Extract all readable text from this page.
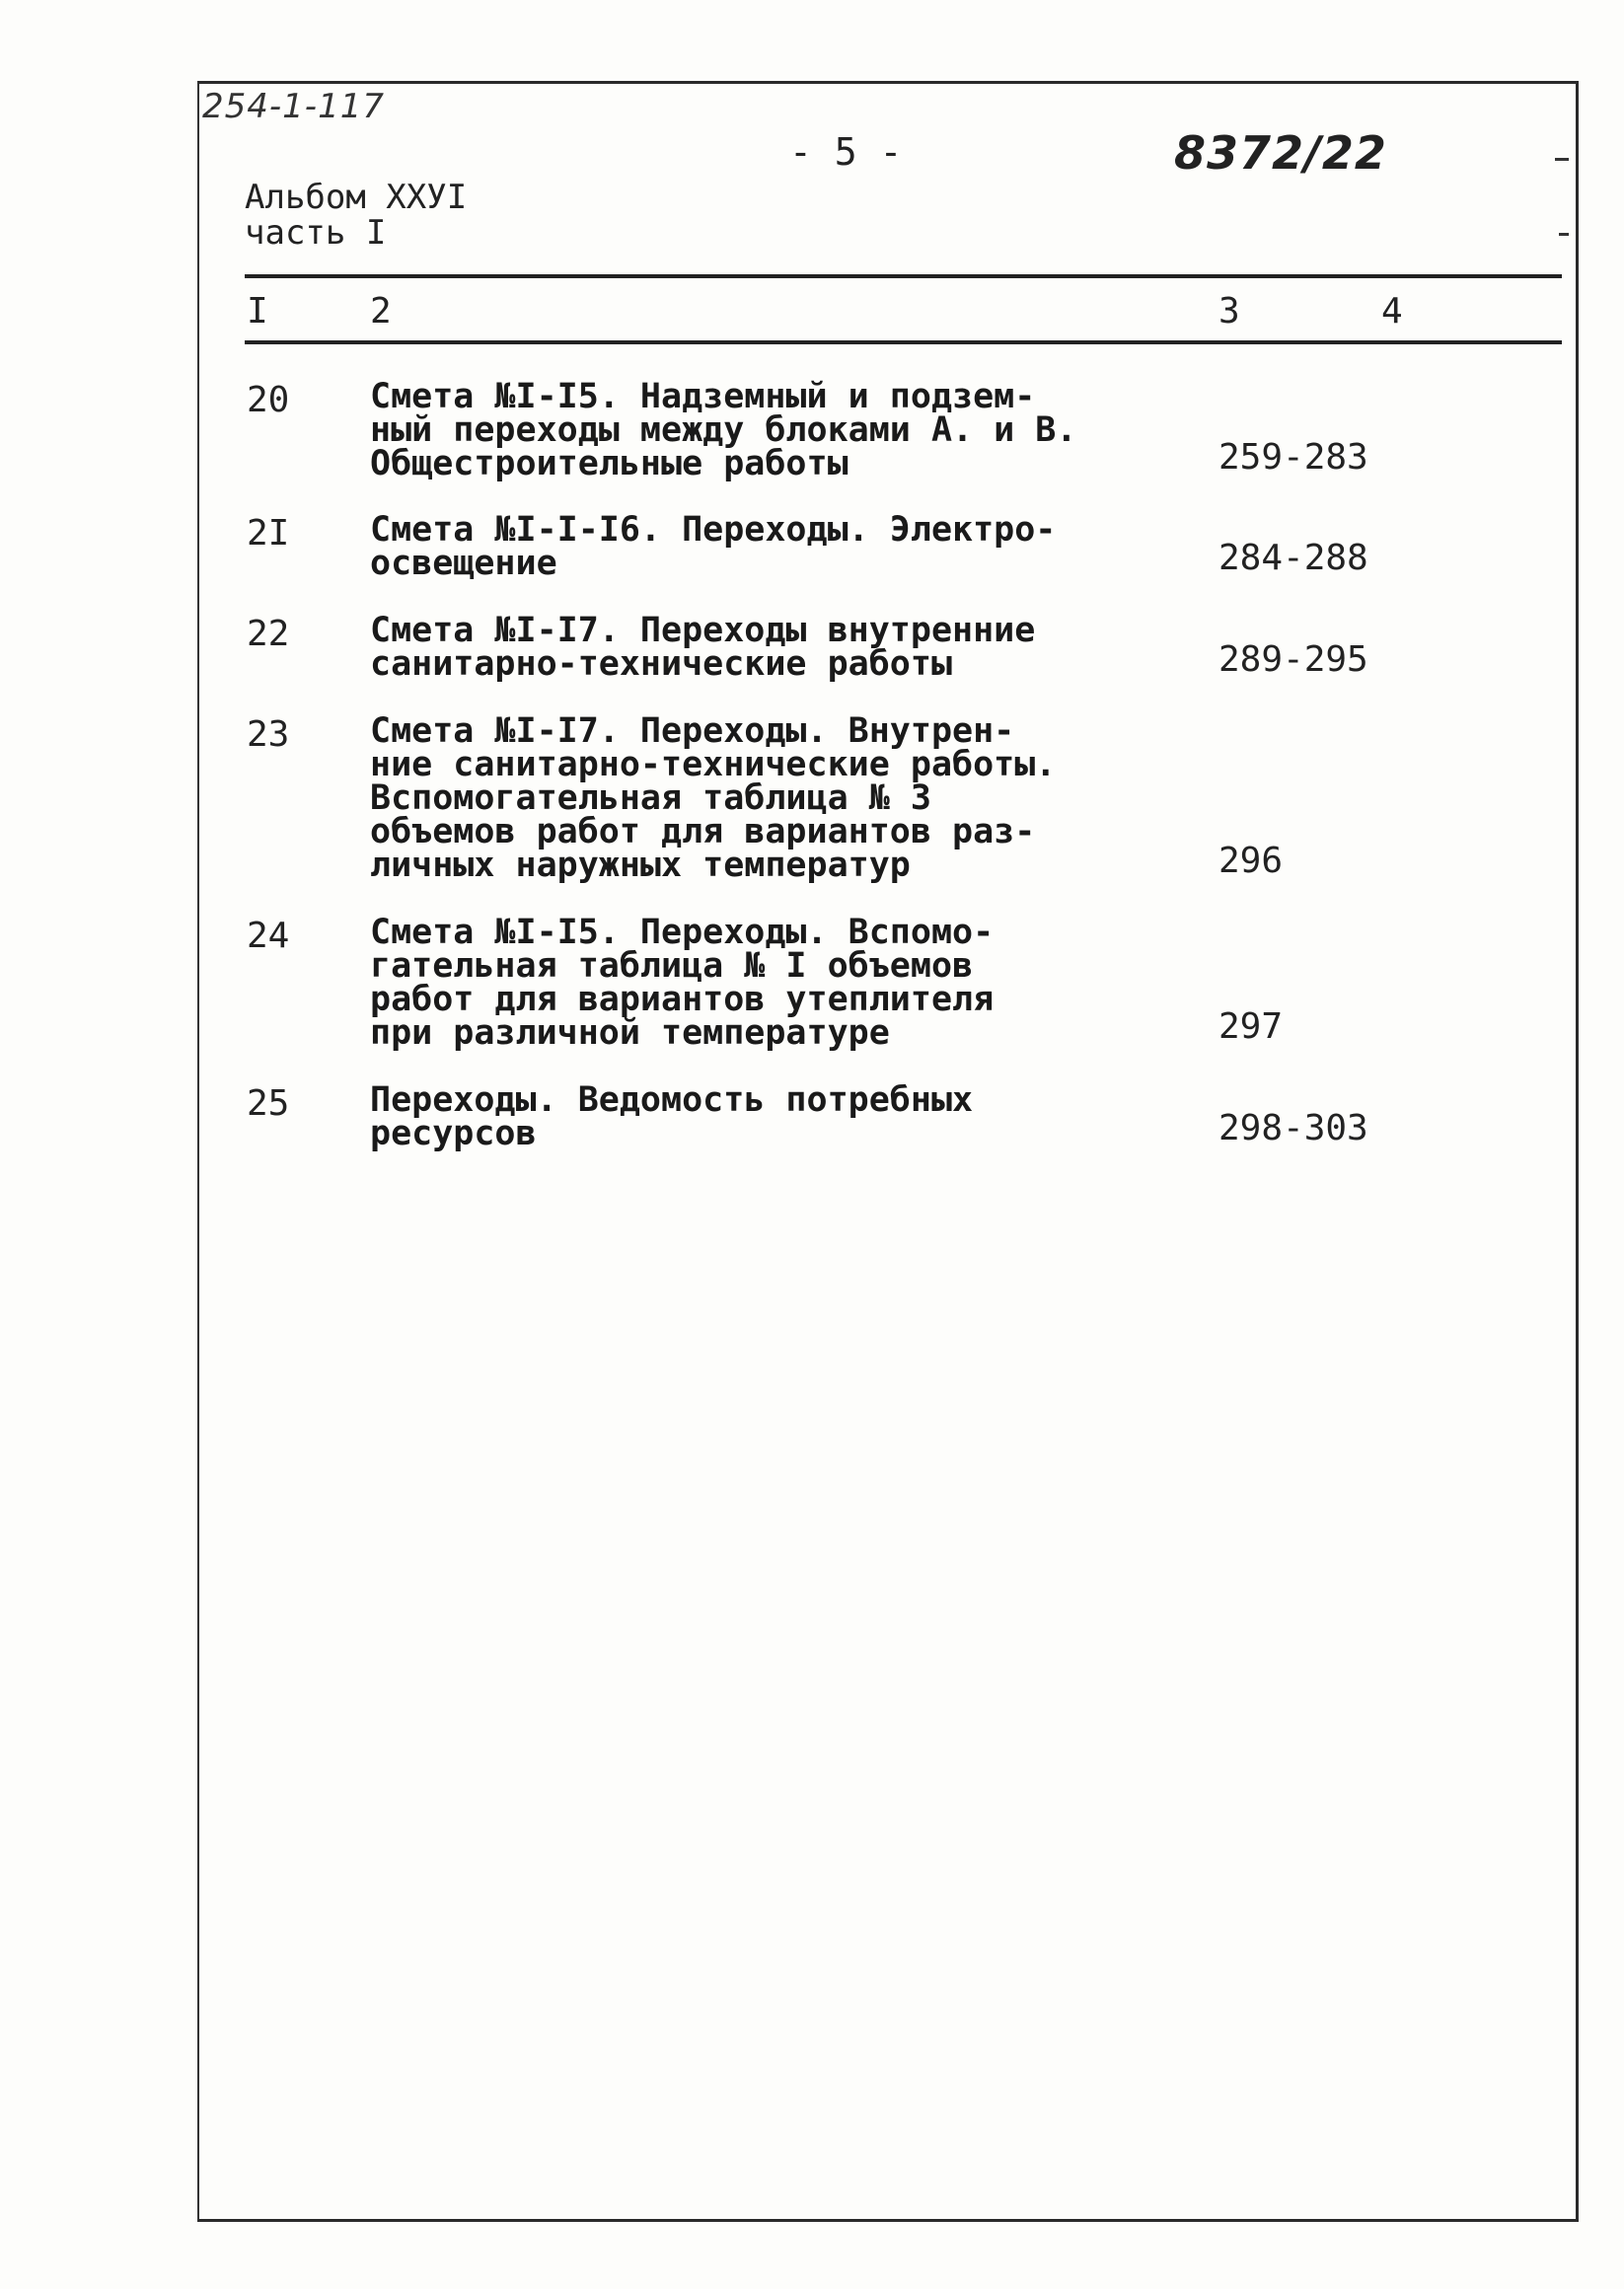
254-1-117
- 5 -	8372/22
Альбом XXУI
часть I
I	2	3	4
20 Смета №I-I5. Надземный и подзем-
ный переходы между блоками А. и В.
Общестроительные работы	259-283
2I Смета №I-I-I6. Переходы. Электро-
освещение	284-288
22 Смета №I-I7. Переходы внутренние
санитарно-технические работы	289-295
23 Смета №I-I7. Переходы. Внутрен-
ние санитарно-технические работы.
Вспомогательная таблица № 3
объемов работ для вариантов раз-
личных наружных температур	296
24 Смета №I-I5. Переходы. Вспомо-
гательная таблица № I объемов
работ для вариантов утеплителя
при различной температуре	297
25 Переходы. Ведомость потребных
ресурсов	298-303
